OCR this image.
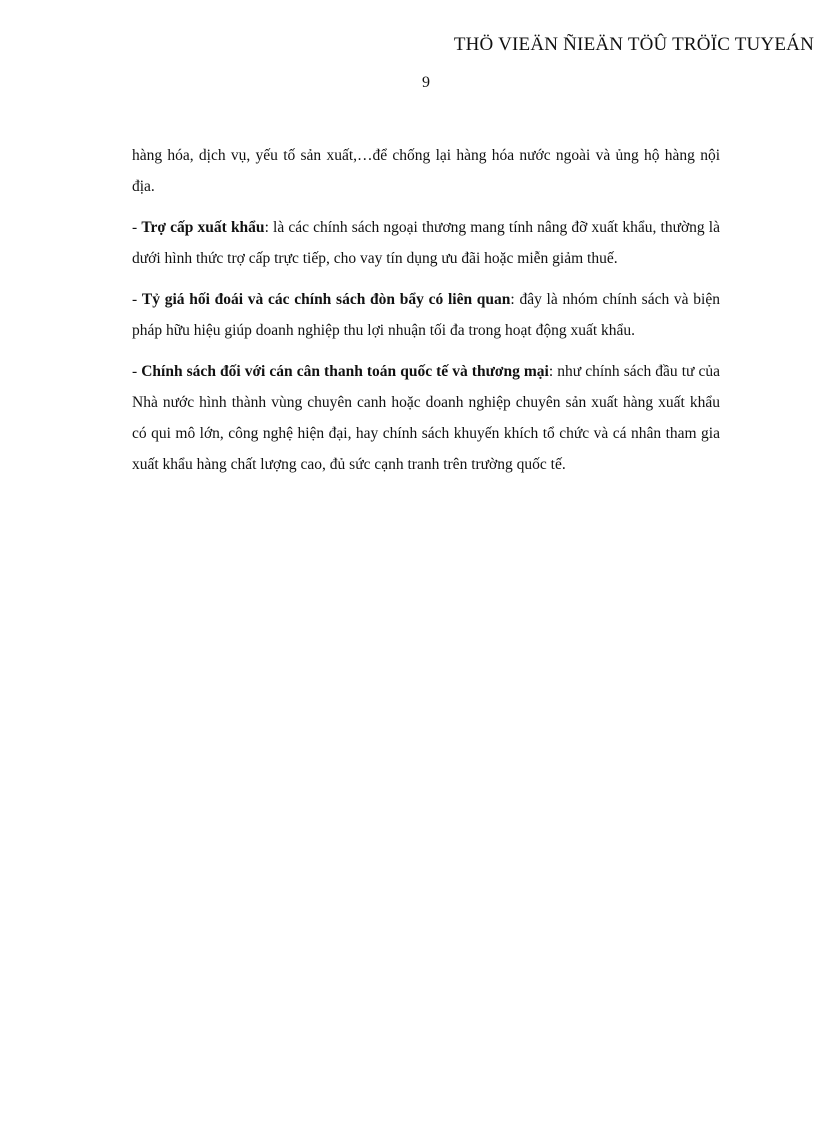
THÖ VIEÄN ÑIEÄN TÖÛ TRÖÏC TUYEÁN
9

hàng hóa, dịch vụ, yếu tố sản xuất,…để chống lại hàng hóa nước ngoài và ủng hộ hàng nội địa.

- Trợ cấp xuất khẩu: là các chính sách ngoại thương mang tính nâng đỡ xuất khẩu, thường là dưới hình thức trợ cấp trực tiếp, cho vay tín dụng ưu đãi hoặc miễn giảm thuế.

- Tỷ giá hối đoái và các chính sách đòn bẩy có liên quan: đây là nhóm chính sách và biện pháp hữu hiệu giúp doanh nghiệp thu lợi nhuận tối đa trong hoạt động xuất khẩu.

- Chính sách đối với cán cân thanh toán quốc tế và thương mại: như chính sách đầu tư của Nhà nước hình thành vùng chuyên canh hoặc doanh nghiệp chuyên sản xuất hàng xuất khẩu có qui mô lớn, công nghệ hiện đại, hay chính sách khuyến khích tổ chức và cá nhân tham gia xuất khẩu hàng chất lượng cao, đủ sức cạnh tranh trên trường quốc tế.
